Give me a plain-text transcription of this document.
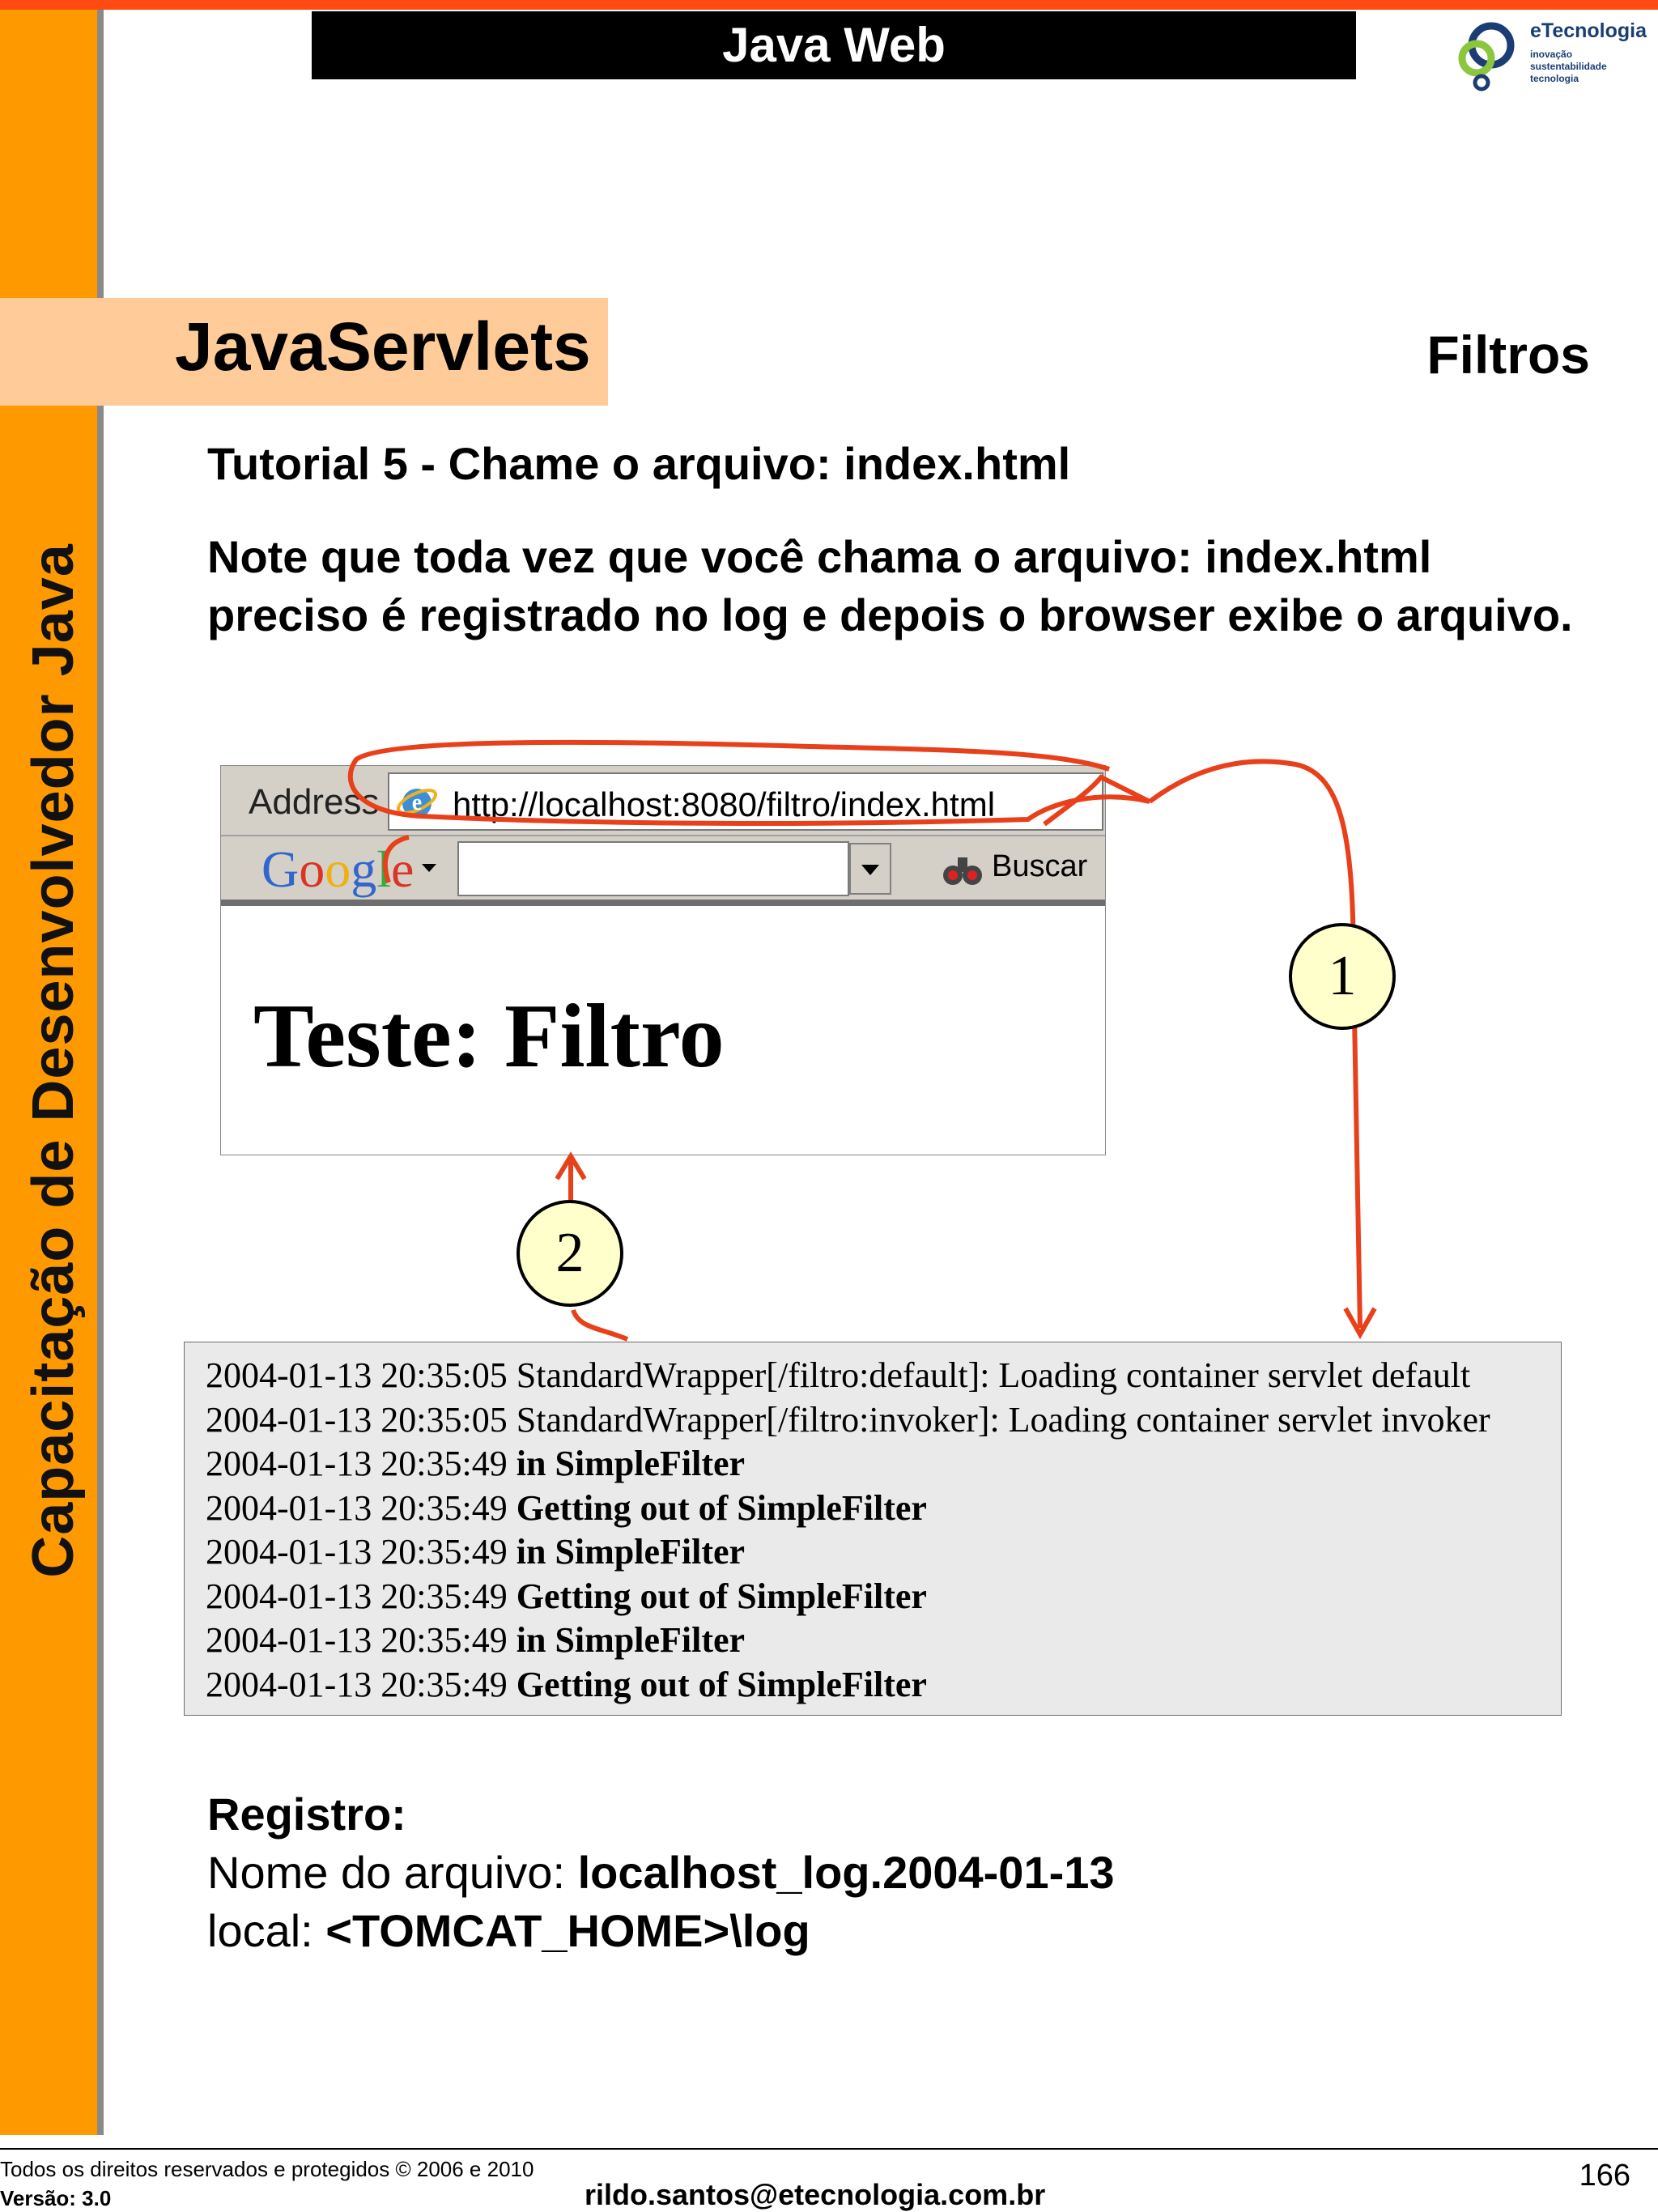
Capacitação de Desenvolvedor Java
Java Web	eTecnologia
inovação
sustentabilidade
tecnologia
JavaServlets	Filtros
Tutorial 5 - Chame o arquivo: index.html
Note que toda vez que você chama o arquivo: index.html preciso é registrado no log e depois o browser exibe o arquivo.
Address e http://localhost:8080/filtro/index.html
Google	Buscar
Teste: Filtro
1
2
2004-01-13 20:35:05 StandardWrapper[/filtro:default]: Loading container servlet default
2004-01-13 20:35:05 StandardWrapper[/filtro:invoker]: Loading container servlet invoker
2004-01-13 20:35:49 in SimpleFilter
2004-01-13 20:35:49 Getting out of SimpleFilter
2004-01-13 20:35:49 in SimpleFilter
2004-01-13 20:35:49 Getting out of SimpleFilter
2004-01-13 20:35:49 in SimpleFilter
2004-01-13 20:35:49 Getting out of SimpleFilter
Registro:
Nome do arquivo: localhost_log.2004-01-13
local: <TOMCAT_HOME>\log
Todos os direitos reservados e protegidos © 2006 e 2010
Versão: 3.0	rildo.santos@etecnologia.com.br
166
